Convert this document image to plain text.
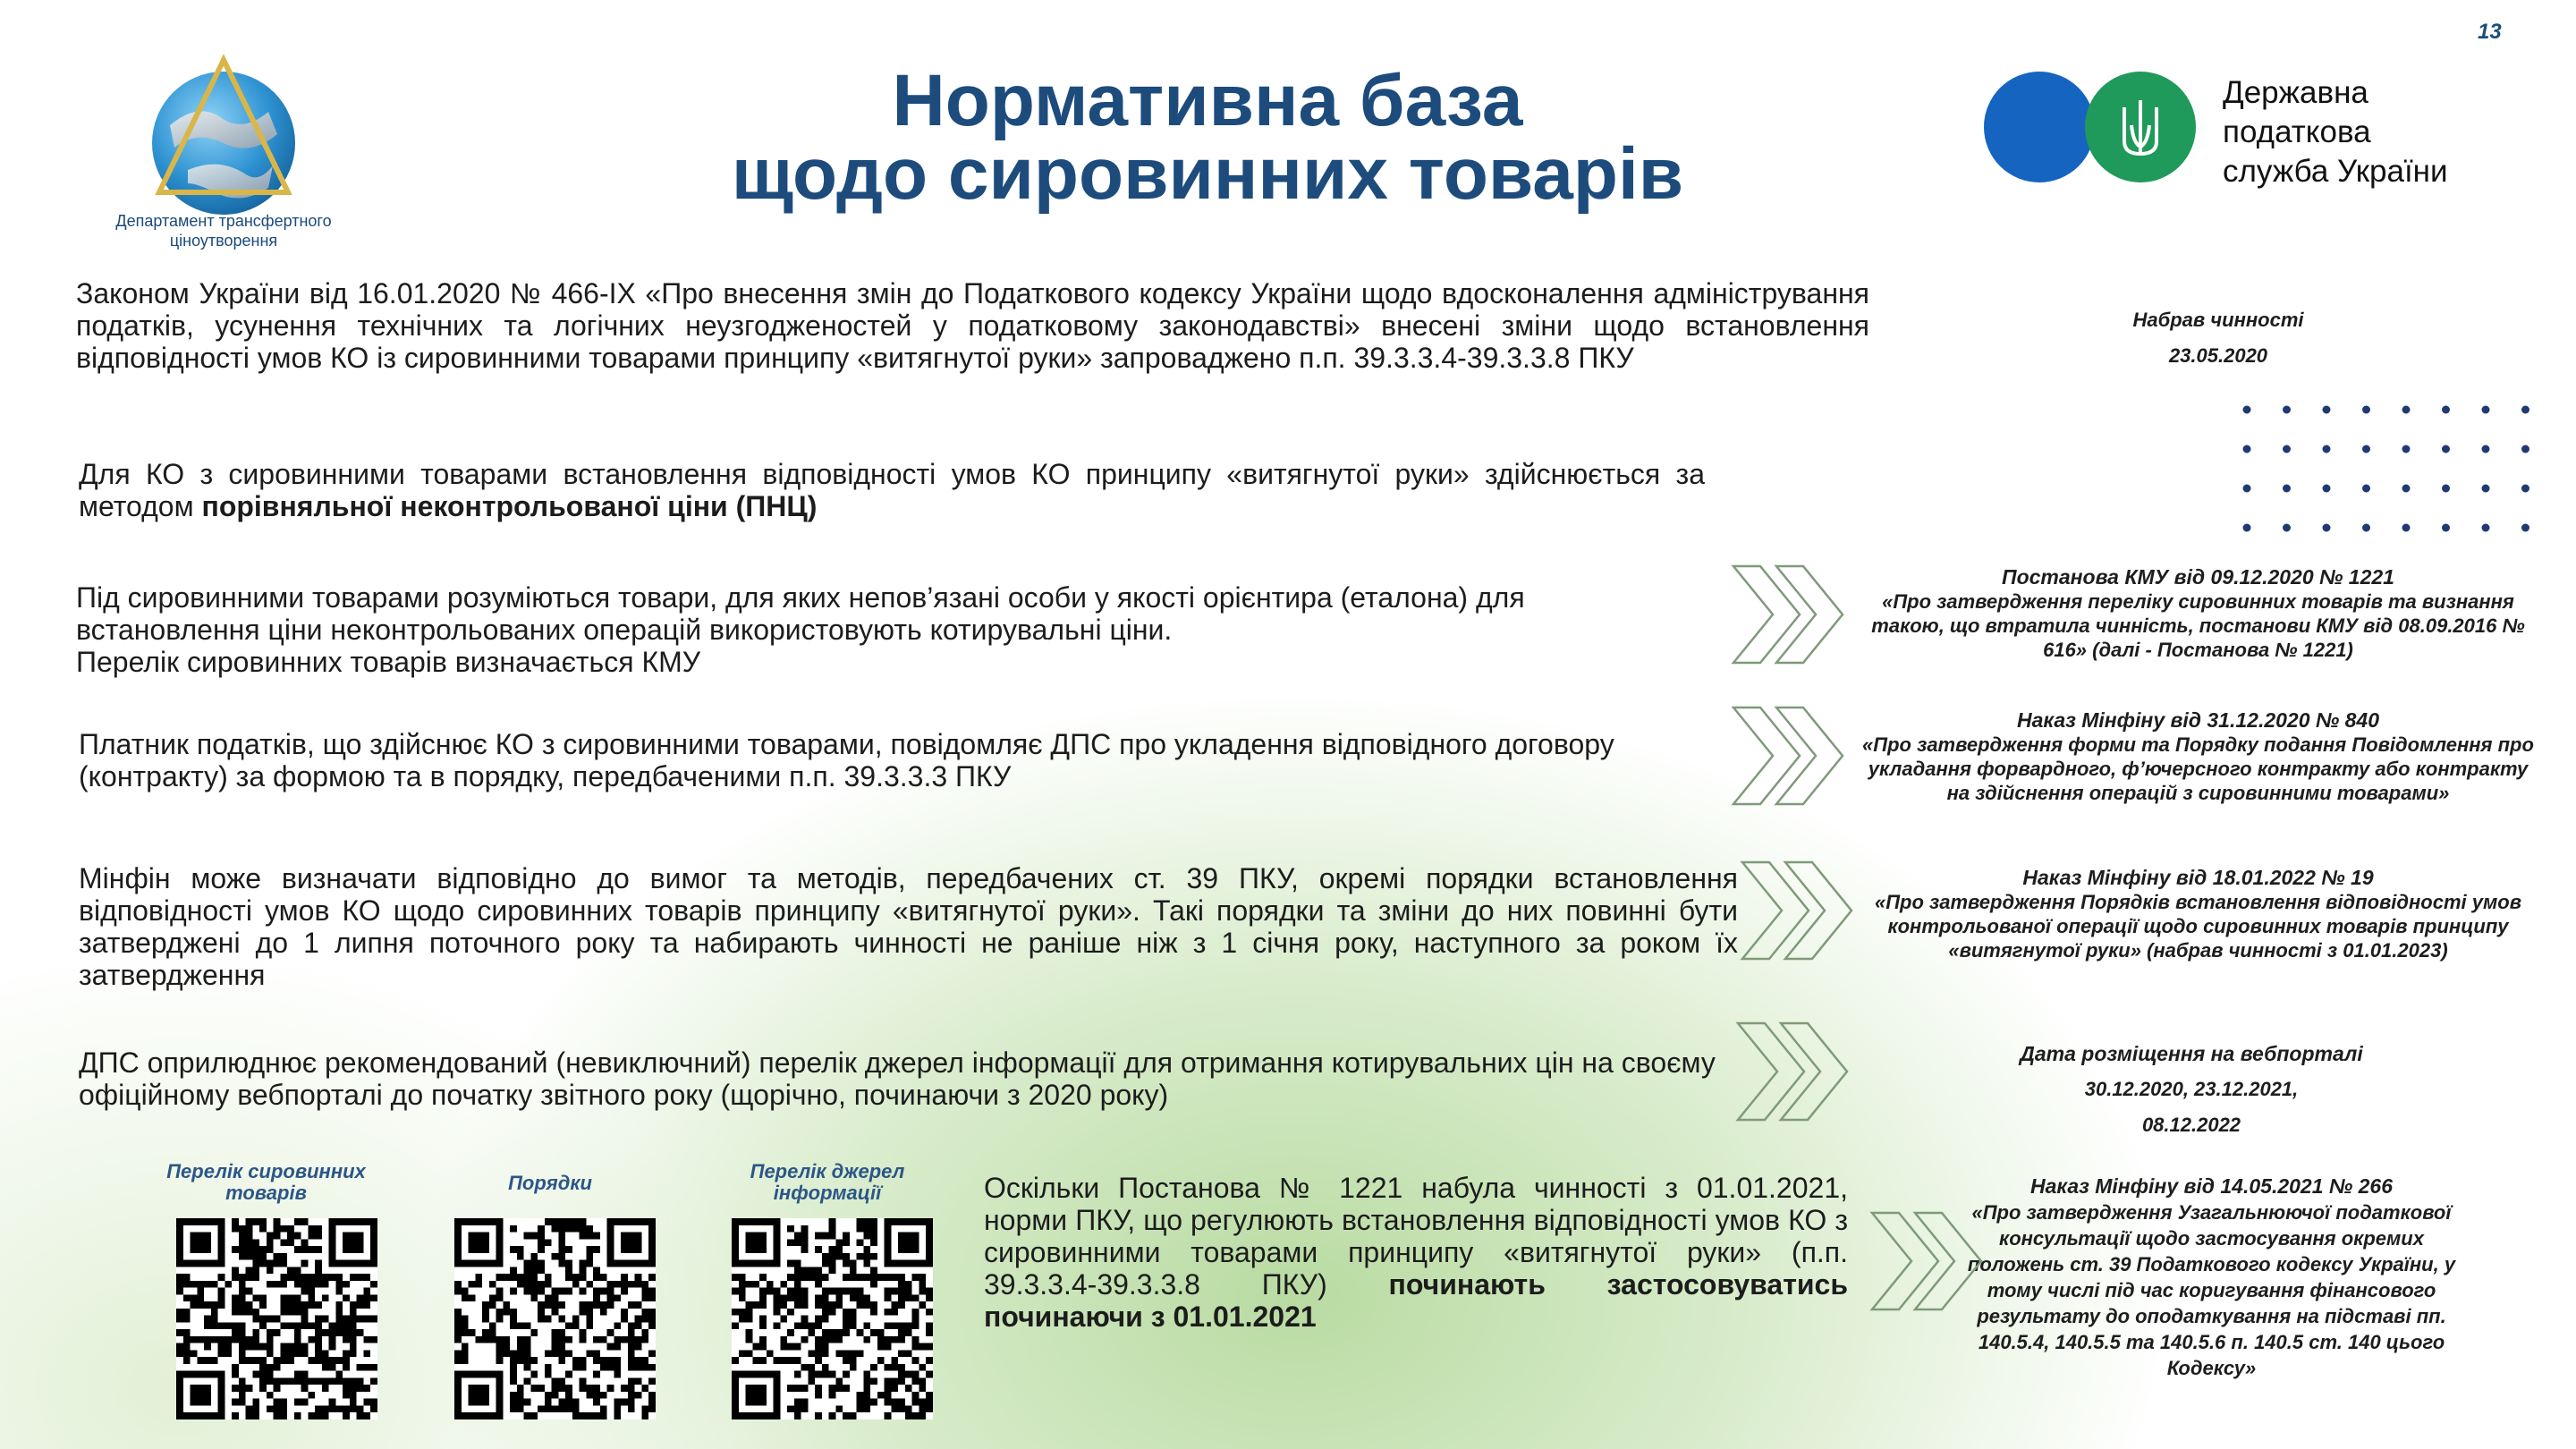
13
Департамент трансфертного
ціноутворення
Нормативна база
щодо сировинних товарів
Державна
податкова
служба України
Законом України від 16.01.2020 № 466-IX «Про внесення змін до Податкового кодексу України щодо вдосконалення адміністрування податків, усунення технічних та логічних неузгодженостей у податковому законодавстві» внесені зміни щодо встановлення відповідності умов КО із сировинними товарами принципу «витягнутої руки» запроваджено п.п. 39.3.3.4-39.3.3.8 ПКУ
Для КО з сировинними товарами встановлення відповідності умов КО принципу «витягнутої руки» здійснюється за методом порівняльної неконтрольованої ціни (ПНЦ)
Під сировинними товарами розуміються товари, для яких непов’язані особи у якості орієнтира (еталона) для встановлення ціни неконтрольованих операцій використовують котирувальні ціни.
Перелік сировинних товарів визначається КМУ
Платник податків, що здійснює КО з сировинними товарами, повідомляє ДПС про укладення відповідного договору (контракту) за формою та в порядку, передбаченими п.п. 39.3.3.3 ПКУ
Мінфін може визначати відповідно до вимог та методів, передбачених ст. 39 ПКУ, окремі порядки встановлення відповідності умов КО щодо сировинних товарів принципу «витягнутої руки». Такі порядки та зміни до них повинні бути затверджені до 1 липня поточного року та набирають чинності не раніше ніж з 1 січня року, наступного за роком їх затвердження
ДПС оприлюднює рекомендований (невиключний) перелік джерел інформації для отримання котирувальних цін на своєму офіційному вебпорталі до початку звітного року (щорічно, починаючи з 2020 року)
Оскільки Постанова № 1221 набула чинності з 01.01.2021, норми ПКУ, що регулюють встановлення відповідності умов КО з сировинними товарами принципу «витягнутої руки» (п.п. 39.3.3.4-39.3.3.8 ПКУ) починають застосовуватись починаючи з 01.01.2021
Набрав чинності
23.05.2020
Постанова КМУ від 09.12.2020 № 1221
«Про затвердження переліку сировинних товарів та визнання такою, що втратила чинність, постанови КМУ від 08.09.2016 № 616» (далі - Постанова № 1221)
Наказ Мінфіну від 31.12.2020 № 840
«Про затвердження форми та Порядку подання Повідомлення про укладання форвардного, ф’ючерсного контракту або контракту на здійснення операцій з сировинними товарами»
Наказ Мінфіну від 18.01.2022 № 19
«Про затвердження Порядків встановлення відповідності умов контрольованої операції щодо сировинних товарів принципу «витягнутої руки» (набрав чинності з 01.01.2023)
Дата розміщення на вебпорталі
30.12.2020, 23.12.2021,
08.12.2022
Наказ Мінфіну від 14.05.2021 № 266
«Про затвердження Узагальнюючої податкової консультації щодо застосування окремих положень ст. 39 Податкового кодексу України, у тому числі під час коригування фінансового результату до оподаткування на підставі пп. 140.5.4, 140.5.5 та 140.5.6 п. 140.5 ст. 140 цього Кодексу»
Перелік сировинних товарів	Порядки
Перелік джерел інформації
